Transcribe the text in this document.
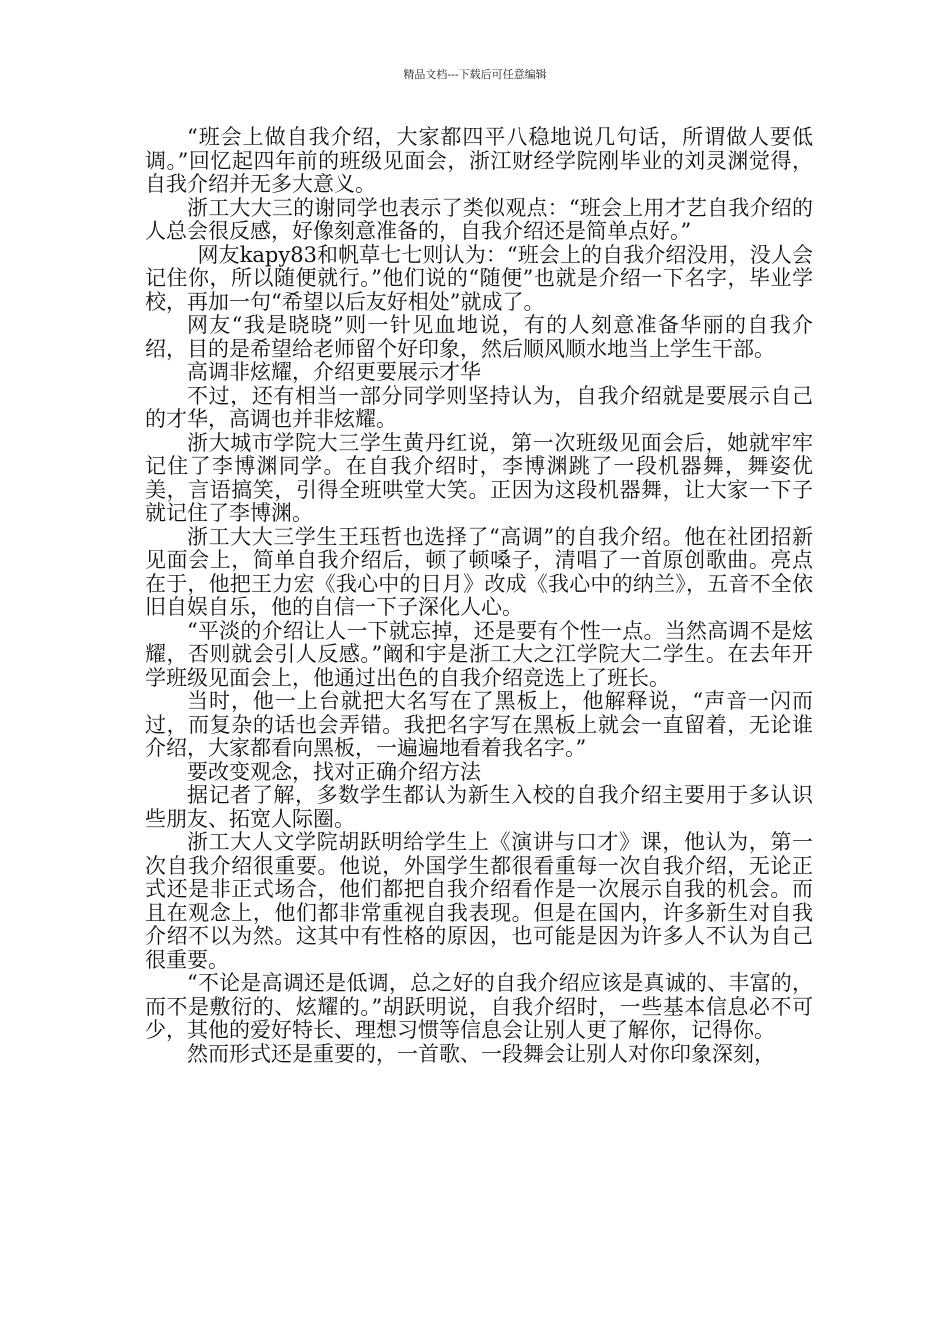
精品文档---下载后可任意编辑

“班会上做自我介绍，大家都四平八稳地说几句话，所谓做人要低调。”回忆起四年前的班级见面会，浙江财经学院刚毕业的刘灵渊觉得，自我介绍并无多大意义。

浙工大大三的谢同学也表示了类似观点：“班会上用才艺自我介绍的人总会很反感，好像刻意准备的，自我介绍还是简单点好。”

网友kapy83和帆草七七则认为：“班会上的自我介绍没用，没人会记住你，所以随便就行。”他们说的“随便”也就是介绍一下名字，毕业学校，再加一句“希望以后友好相处”就成了。

网友“我是晓晓”则一针见血地说，有的人刻意准备华丽的自我介绍，目的是希望给老师留个好印象，然后顺风顺水地当上学生干部。

高调非炫耀，介绍更要展示才华

不过，还有相当一部分同学则坚持认为，自我介绍就是要展示自己的才华，高调也并非炫耀。

浙大城市学院大三学生黄丹红说，第一次班级见面会后，她就牢牢记住了李博渊同学。在自我介绍时，李博渊跳了一段机器舞，舞姿优美，言语搞笑，引得全班哄堂大笑。正因为这段机器舞，让大家一下子就记住了李博渊。

浙工大大三学生王珏哲也选择了“高调”的自我介绍。他在社团招新见面会上，简单自我介绍后，顿了顿嗓子，清唱了一首原创歌曲。亮点在于，他把王力宏《我心中的日月》改成《我心中的纳兰》，五音不全依旧自娱自乐，他的自信一下子深化人心。

“平淡的介绍让人一下就忘掉，还是要有个性一点。当然高调不是炫耀，否则就会引人反感。”阚和宇是浙工大之江学院大二学生。在去年开学班级见面会上，他通过出色的自我介绍竞选上了班长。

当时，他一上台就把大名写在了黑板上，他解释说，“声音一闪而过，而复杂的话也会弄错。我把名字写在黑板上就会一直留着，无论谁介绍，大家都看向黑板，一遍遍地看着我名字。”

要改变观念，找对正确介绍方法

据记者了解，多数学生都认为新生入校的自我介绍主要用于多认识些朋友、拓宽人际圈。

浙工大人文学院胡跃明给学生上《演讲与口才》课，他认为，第一次自我介绍很重要。他说，外国学生都很看重每一次自我介绍，无论正式还是非正式场合，他们都把自我介绍看作是一次展示自我的机会。而且在观念上，他们都非常重视自我表现。但是在国内，许多新生对自我介绍不以为然。这其中有性格的原因，也可能是因为许多人不认为自己很重要。

“不论是高调还是低调，总之好的自我介绍应该是真诚的、丰富的，而不是敷衍的、炫耀的。”胡跃明说，自我介绍时，一些基本信息必不可少，其他的爱好特长、理想习惯等信息会让别人更了解你，记得你。

然而形式还是重要的，一首歌、一段舞会让别人对你印象深刻，
